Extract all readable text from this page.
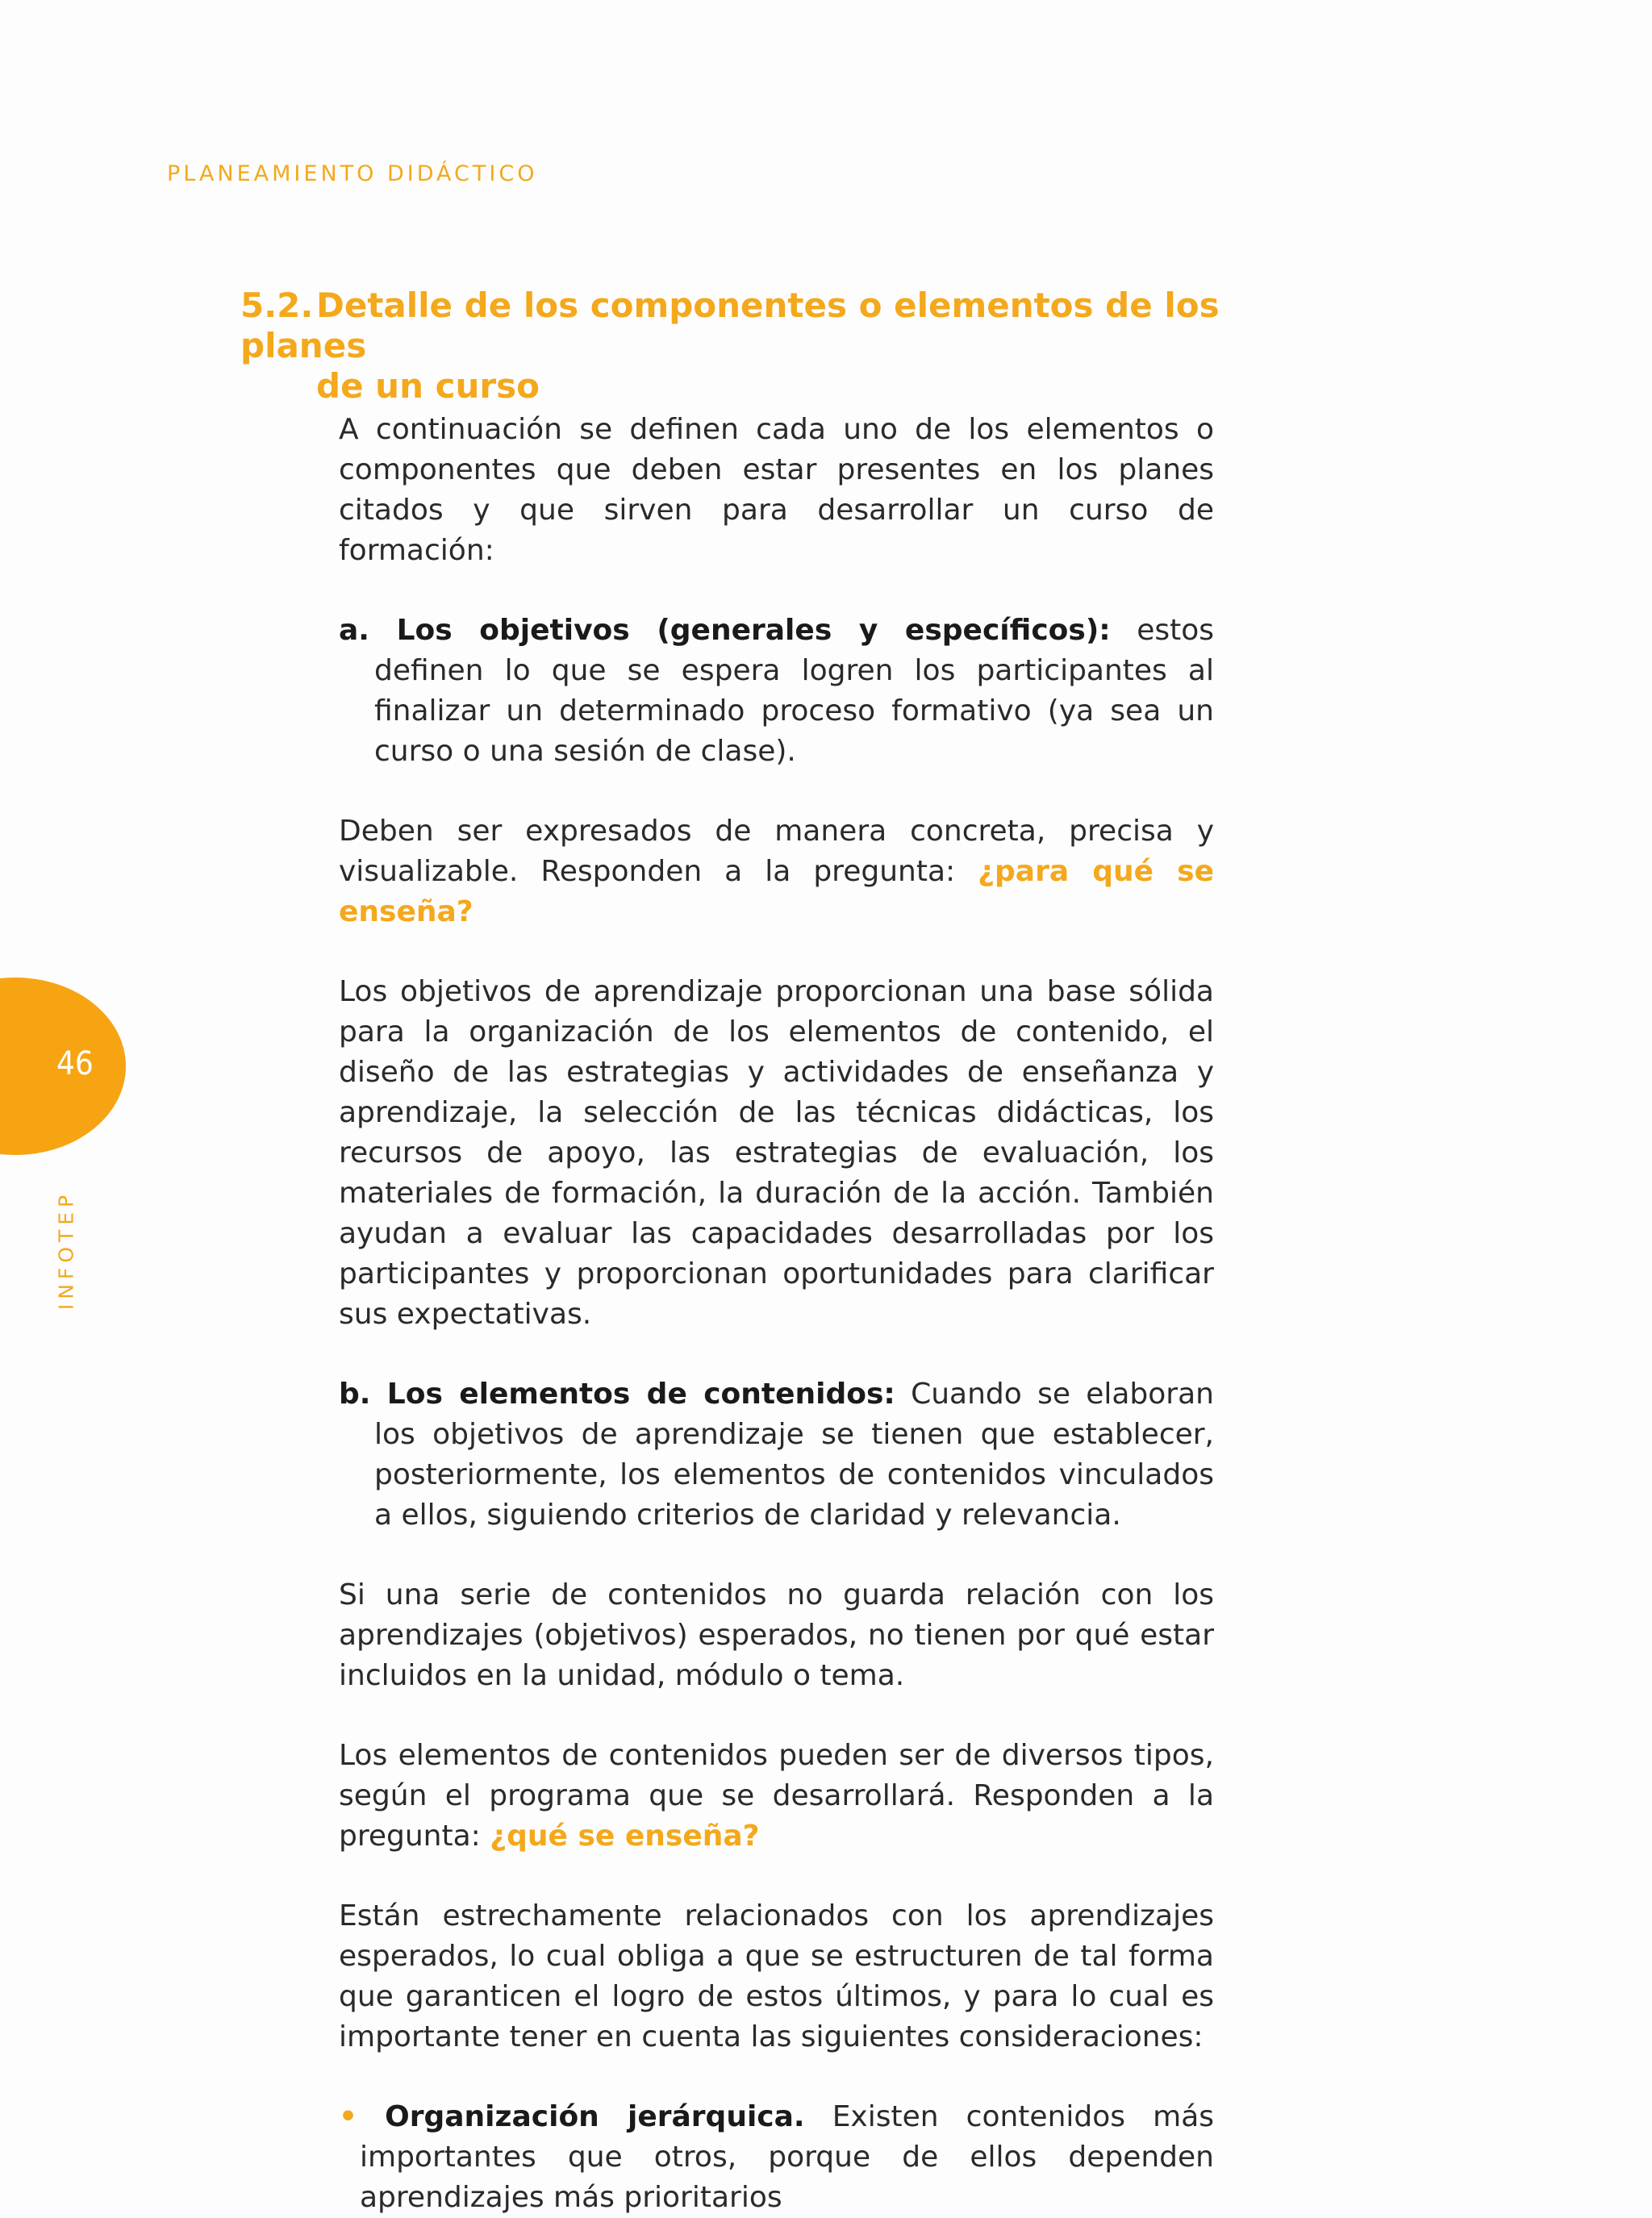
PLANEAMIENTO DIDÁCTICO
46
INFOTEP
5.2.Detalle de los componentes o elementos de los planes
de un curso

A continuación se definen cada uno de los elementos o componentes que deben estar presentes en los planes citados y que sirven para desarrollar un curso de formación:

a. Los objetivos (generales y específicos): estos definen lo que se espera logren los participantes al finalizar un determinado proceso formativo (ya sea un curso o una sesión de clase).

Deben ser expresados de manera concreta, precisa y visualizable. Responden a la pregunta: ¿para qué se enseña?

Los objetivos de aprendizaje proporcionan una base sólida para la organización de los elementos de contenido, el diseño de las estrategias y actividades de enseñanza y aprendizaje, la selección de las técnicas didácticas, los recursos de apoyo, las estrategias de evaluación, los materiales de formación, la duración de la acción. También ayudan a evaluar las capacidades desarrolladas por los participantes y proporcionan oportunidades para clarificar sus expectativas.

b. Los elementos de contenidos: Cuando se elaboran los objetivos de aprendizaje se tienen que establecer, posteriormente, los elementos de contenidos vinculados a ellos, siguiendo criterios de claridad y relevancia.

Si una serie de contenidos no guarda relación con los aprendizajes (objetivos) esperados, no tienen por qué estar incluidos en la unidad, módulo o tema.

Los elementos de contenidos pueden ser de diversos tipos, según el programa que se desarrollará. Responden a la pregunta: ¿qué se enseña?

Están estrechamente relacionados con los aprendizajes esperados, lo cual obliga a que se estructuren de tal forma que garanticen el logro de estos últimos, y para lo cual es importante tener en cuenta las siguientes consideraciones:

• Organización jerárquica. Existen contenidos más importantes que otros, porque de ellos dependen aprendizajes más prioritarios
